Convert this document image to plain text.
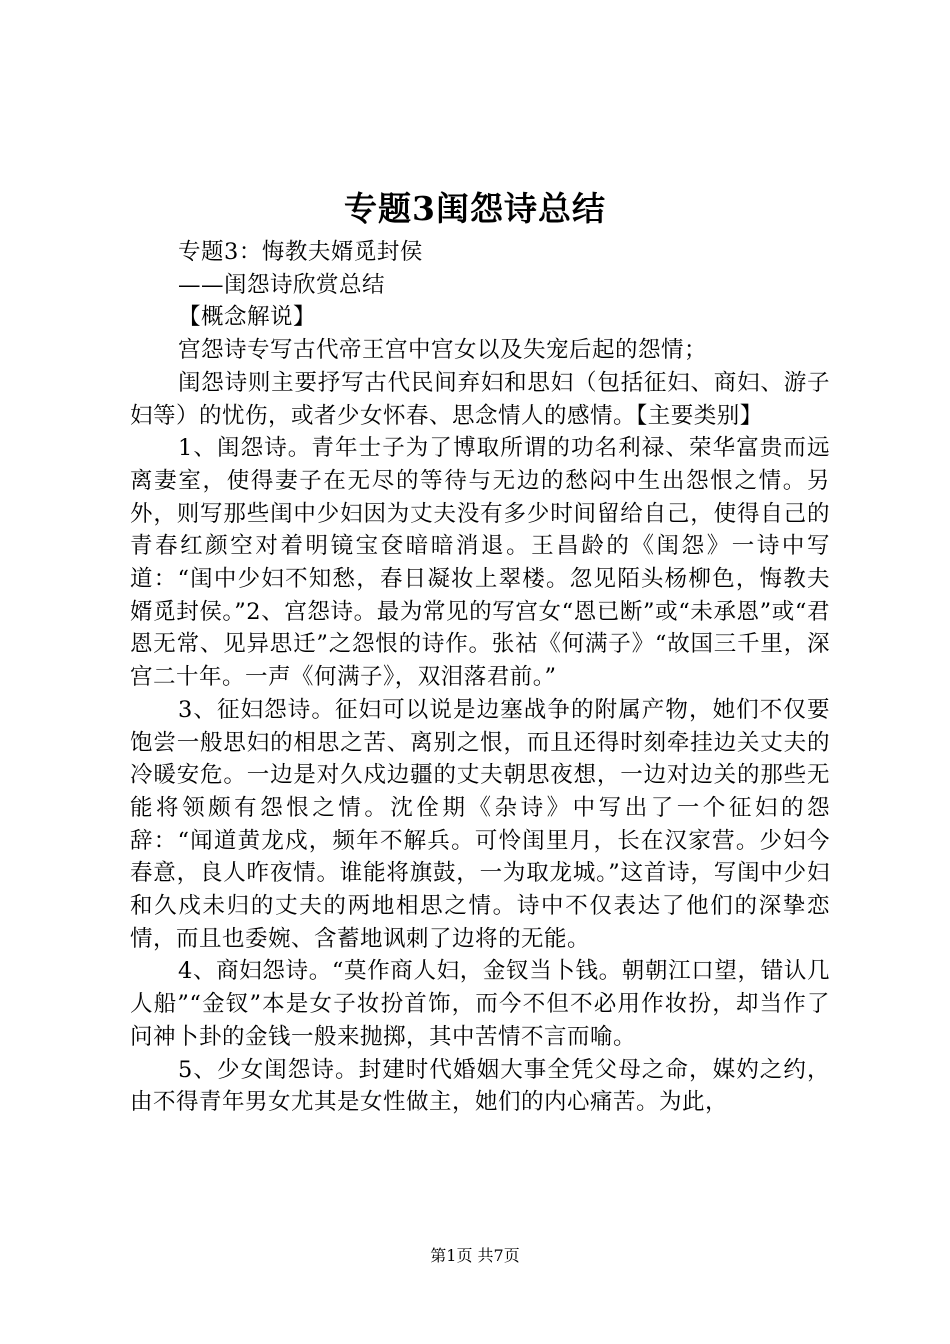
专题3闺怨诗总结

专题3：悔教夫婿觅封侯

——闺怨诗欣赏总结

【概念解说】

宫怨诗专写古代帝王宫中宫女以及失宠后起的怨情；

闺怨诗则主要抒写古代民间弃妇和思妇（包括征妇、商妇、游子妇等）的忧伤，或者少女怀春、思念情人的感情。【主要类别】

1、闺怨诗。青年士子为了博取所谓的功名利禄、荣华富贵而远离妻室，使得妻子在无尽的等待与无边的愁闷中生出怨恨之情。另外，则写那些闺中少妇因为丈夫没有多少时间留给自己，使得自己的青春红颜空对着明镜宝奁暗暗消退。王昌龄的《闺怨》一诗中写道：“闺中少妇不知愁，春日凝妆上翠楼。忽见陌头杨柳色，悔教夫婿觅封侯。”2、宫怨诗。最为常见的写宫女“恩已断”或“未承恩”或“君恩无常、见异思迁”之怨恨的诗作。张祜《何满子》“故国三千里，深宫二十年。一声《何满子》，双泪落君前。”

3、征妇怨诗。征妇可以说是边塞战争的附属产物，她们不仅要饱尝一般思妇的相思之苦、离别之恨，而且还得时刻牵挂边关丈夫的冷暖安危。一边是对久戍边疆的丈夫朝思夜想，一边对边关的那些无能将领颇有怨恨之情。沈佺期《杂诗》中写出了一个征妇的怨辞：“闻道黄龙戍，频年不解兵。可怜闺里月，长在汉家营。少妇今春意，良人昨夜情。谁能将旗鼓，一为取龙城。”这首诗，写闺中少妇和久戍未归的丈夫的两地相思之情。诗中不仅表达了他们的深挚恋情，而且也委婉、含蓄地讽刺了边将的无能。

4、商妇怨诗。“莫作商人妇，金钗当卜钱。朝朝江口望，错认几人船”“金钗”本是女子妆扮首饰，而今不但不必用作妆扮，却当作了问神卜卦的金钱一般来抛掷，其中苦情不言而喻。

5、少女闺怨诗。封建时代婚姻大事全凭父母之命，媒妁之约，由不得青年男女尤其是女性做主，她们的内心痛苦。为此，

第1页 共7页
